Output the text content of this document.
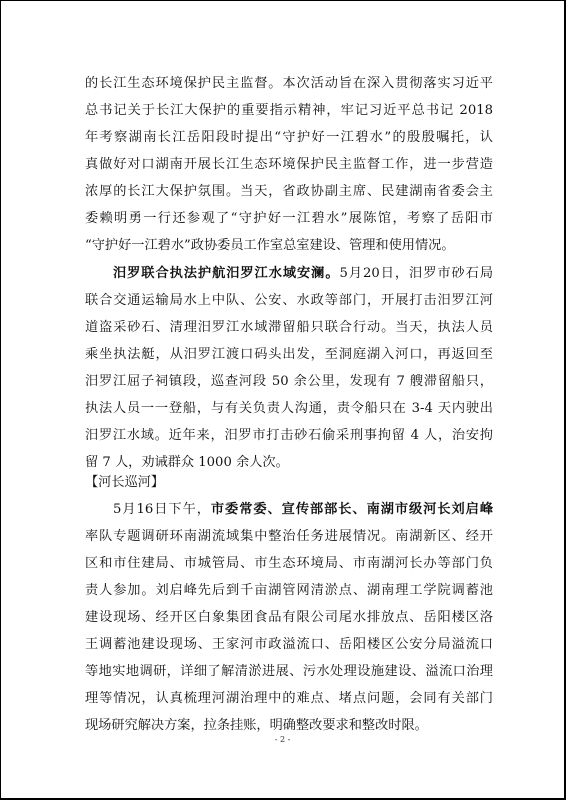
的长江生态环境保护民主监督。本次活动旨在深入贯彻落实习近平
总书记关于长江大保护的重要指示精神，牢记习近平总书记 2018
年考察湖南长江岳阳段时提出“守护好一江碧水”的殷殷嘱托，认
真做好对口湖南开展长江生态环境保护民主监督工作，进一步营造
浓厚的长江大保护氛围。当天，省政协副主席、民建湖南省委会主
委赖明勇一行还参观了“守护好一江碧水”展陈馆，考察了岳阳市
“守护好一江碧水”政协委员工作室总室建设、管理和使用情况。
汨罗联合执法护航汨罗江水域安澜。5月20日，汨罗市砂石局
联合交通运输局水上中队、公安、水政等部门，开展打击汨罗江河
道盗采砂石、清理汨罗江水域滞留船只联合行动。当天，执法人员
乘坐执法艇，从汨罗江渡口码头出发，至洞庭湖入河口，再返回至
汨罗江屈子祠镇段，巡查河段 50 余公里，发现有 7 艘滞留船只，
执法人员一一登船，与有关负责人沟通，责令船只在 3-4 天内驶出
汨罗江水域。近年来，汨罗市打击砂石偷采刑事拘留 4 人，治安拘
留 7 人，劝诫群众 1000 余人次。
【河长巡河】
5月16日下午，市委常委、宣传部部长、南湖市级河长刘启峰
率队专题调研环南湖流域集中整治任务进展情况。南湖新区、经开
区和市住建局、市城管局、市生态环境局、市南湖河长办等部门负
责人参加。刘启峰先后到千亩湖管网清淤点、湖南理工学院调蓄池
建设现场、经开区白象集团食品有限公司尾水排放点、岳阳楼区洛
王调蓄池建设现场、王家河市政溢流口、岳阳楼区公安分局溢流口
等地实地调研，详细了解清淤进展、污水处理设施建设、溢流口治理
理等情况，认真梳理河湖治理中的难点、堵点问题，会同有关部门
现场研究解决方案，拉条挂账，明确整改要求和整改时限。
- 2 -
